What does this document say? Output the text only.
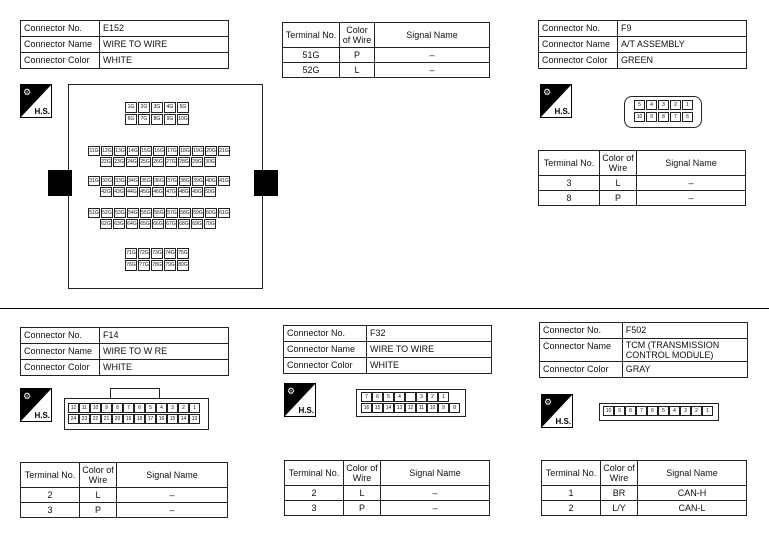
Connector No.	E152
Connector Name	WIRE TO WIRE
Connector Color	WHITE
Terminal No.	Color of Wire	Signal Name
51G	P	–
52G	L	–
⚙
H.S.	1G	2G	3G	4G	5G
6G	7G	8G	9G 10G
11G 12G 13G 14G 15G 16G 17G 18G 19G 20G 21G
22G 23G 24G 25G 26G 27G 28G 29G 30G
31G 32G 33G 34G 35G 36G 37G 38G 39G 40G 41G
42G 43G 44G 45G 46G 47G 48G 49G 50G
51G 52G 53G 54G 55G 56G 57G 58G 59G 60G 61G
62G 63G 64G 65G 66G 67G 68G 69G 70G
71G 72G 73G 74G 75G
76G 77G 78G 79G 80G
Connector No.	F9
Connector Name	A/T ASSEMBLY
Connector Color	GREEN
⚙
H.S.
5	4	3	2	1
10	9	8	7	6
Terminal No.	Color of Wire	Signal Name
3	L	–
8	P	–
Connector No.	F14
Connector Name	WIRE TO W RE
Connector Color	WHITE
⚙
H.S.
12	11	10	9	8	7	6	5	4	3	2	1
24	23	22	21	20	19	18	17	16	15	14	13
Terminal No.	Color of Wire	Signal Name
2	L	–
3	P	–
Connector No.	F32
Connector Name	WIRE TO WIRE
Connector Color	WHITE
⚙
H.S.
7	6	5	4	3	2	1
16	15	14	13	12	11	10	9	8
Terminal No.	Color of Wire	Signal Name
2	L	–
3	P	–
Connector No.	F502
Connector Name	TCM (TRANSMISSION CONTROL MODULE)
Connector Color	GRAY
⚙
H.S.
10	9	8	7	6	5	4	3	2	1
Terminal No.	Color of Wire	Signal Name
1	BR	CAN-H
2	L/Y	CAN-L
